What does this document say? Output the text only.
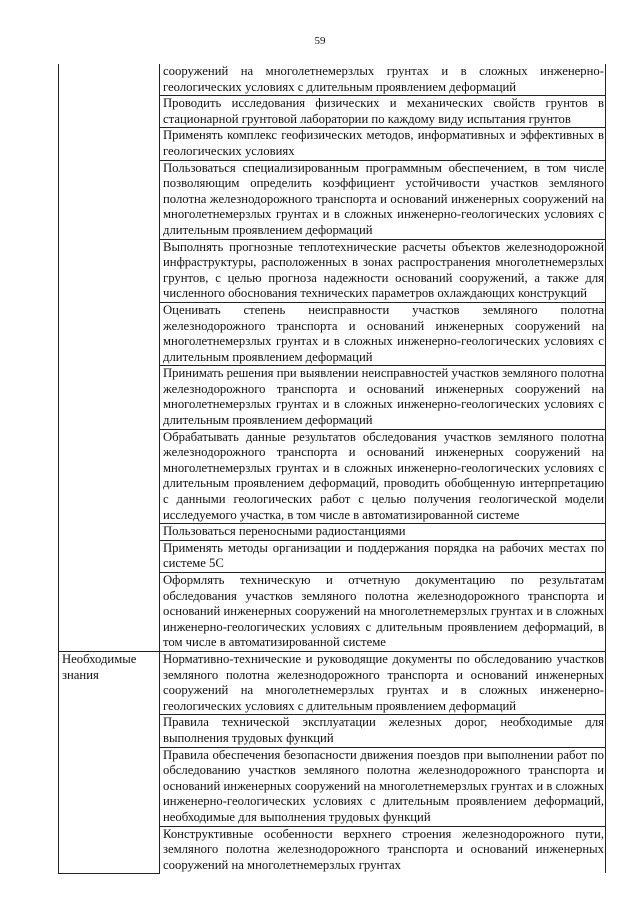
59
	сооружений на многолетнемерзлых грунтах и в сложных инженерно-геологических условиях с длительным проявлением деформаций
	Проводить исследования физических и механических свойств грунтов в стационарной грунтовой лаборатории по каждому виду испытания грунтов
	Применять комплекс геофизических методов, информативных и эффективных в геологических условиях
	Пользоваться специализированным программным обеспечением, в том числе позволяющим определить коэффициент устойчивости участков земляного полотна железнодорожного транспорта и оснований инженерных сооружений на многолетнемерзлых грунтах и в сложных инженерно-геологических условиях с длительным проявлением деформаций
	Выполнять прогнозные теплотехнические расчеты объектов железнодорожной инфраструктуры, расположенных в зонах распространения многолетнемерзлых грунтов, с целью прогноза надежности оснований сооружений, а также для численного обоснования технических параметров охлаждающих конструкций
	Оценивать степень неисправности участков земляного полотна железнодорожного транспорта и оснований инженерных сооружений на многолетнемерзлых грунтах и в сложных инженерно-геологических условиях с длительным проявлением деформаций
	Принимать решения при выявлении неисправностей участков земляного полотна железнодорожного транспорта и оснований инженерных сооружений на многолетнемерзлых грунтах и в сложных инженерно-геологических условиях с длительным проявлением деформаций
	Обрабатывать данные результатов обследования участков земляного полотна железнодорожного транспорта и оснований инженерных сооружений на многолетнемерзлых грунтах и в сложных инженерно-геологических условиях с длительным проявлением деформаций, проводить обобщенную интерпретацию с данными геологических работ с целью получения геологической модели исследуемого участка, в том числе в автоматизированной системе
	Пользоваться переносными радиостанциями
	Применять методы организации и поддержания порядка на рабочих местах по системе 5С
	Оформлять техническую и отчетную документацию по результатам обследования участков земляного полотна железнодорожного транспорта и оснований инженерных сооружений на многолетнемерзлых грунтах и в сложных инженерно-геологических условиях с длительным проявлением деформаций, в том числе в автоматизированной системе
Необходимые знания	Нормативно-технические и руководящие документы по обследованию участков земляного полотна железнодорожного транспорта и оснований инженерных сооружений на многолетнемерзлых грунтах и в сложных инженерно-геологических условиях с длительным проявлением деформаций
	Правила технической эксплуатации железных дорог, необходимые для выполнения трудовых функций
	Правила обеспечения безопасности движения поездов при выполнении работ по обследованию участков земляного полотна железнодорожного транспорта и оснований инженерных сооружений на многолетнемерзлых грунтах и в сложных инженерно-геологических условиях с длительным проявлением деформаций, необходимые для выполнения трудовых функций
	Конструктивные особенности верхнего строения железнодорожного пути, земляного полотна железнодорожного транспорта и оснований инженерных сооружений на многолетнемерзлых грунтах
